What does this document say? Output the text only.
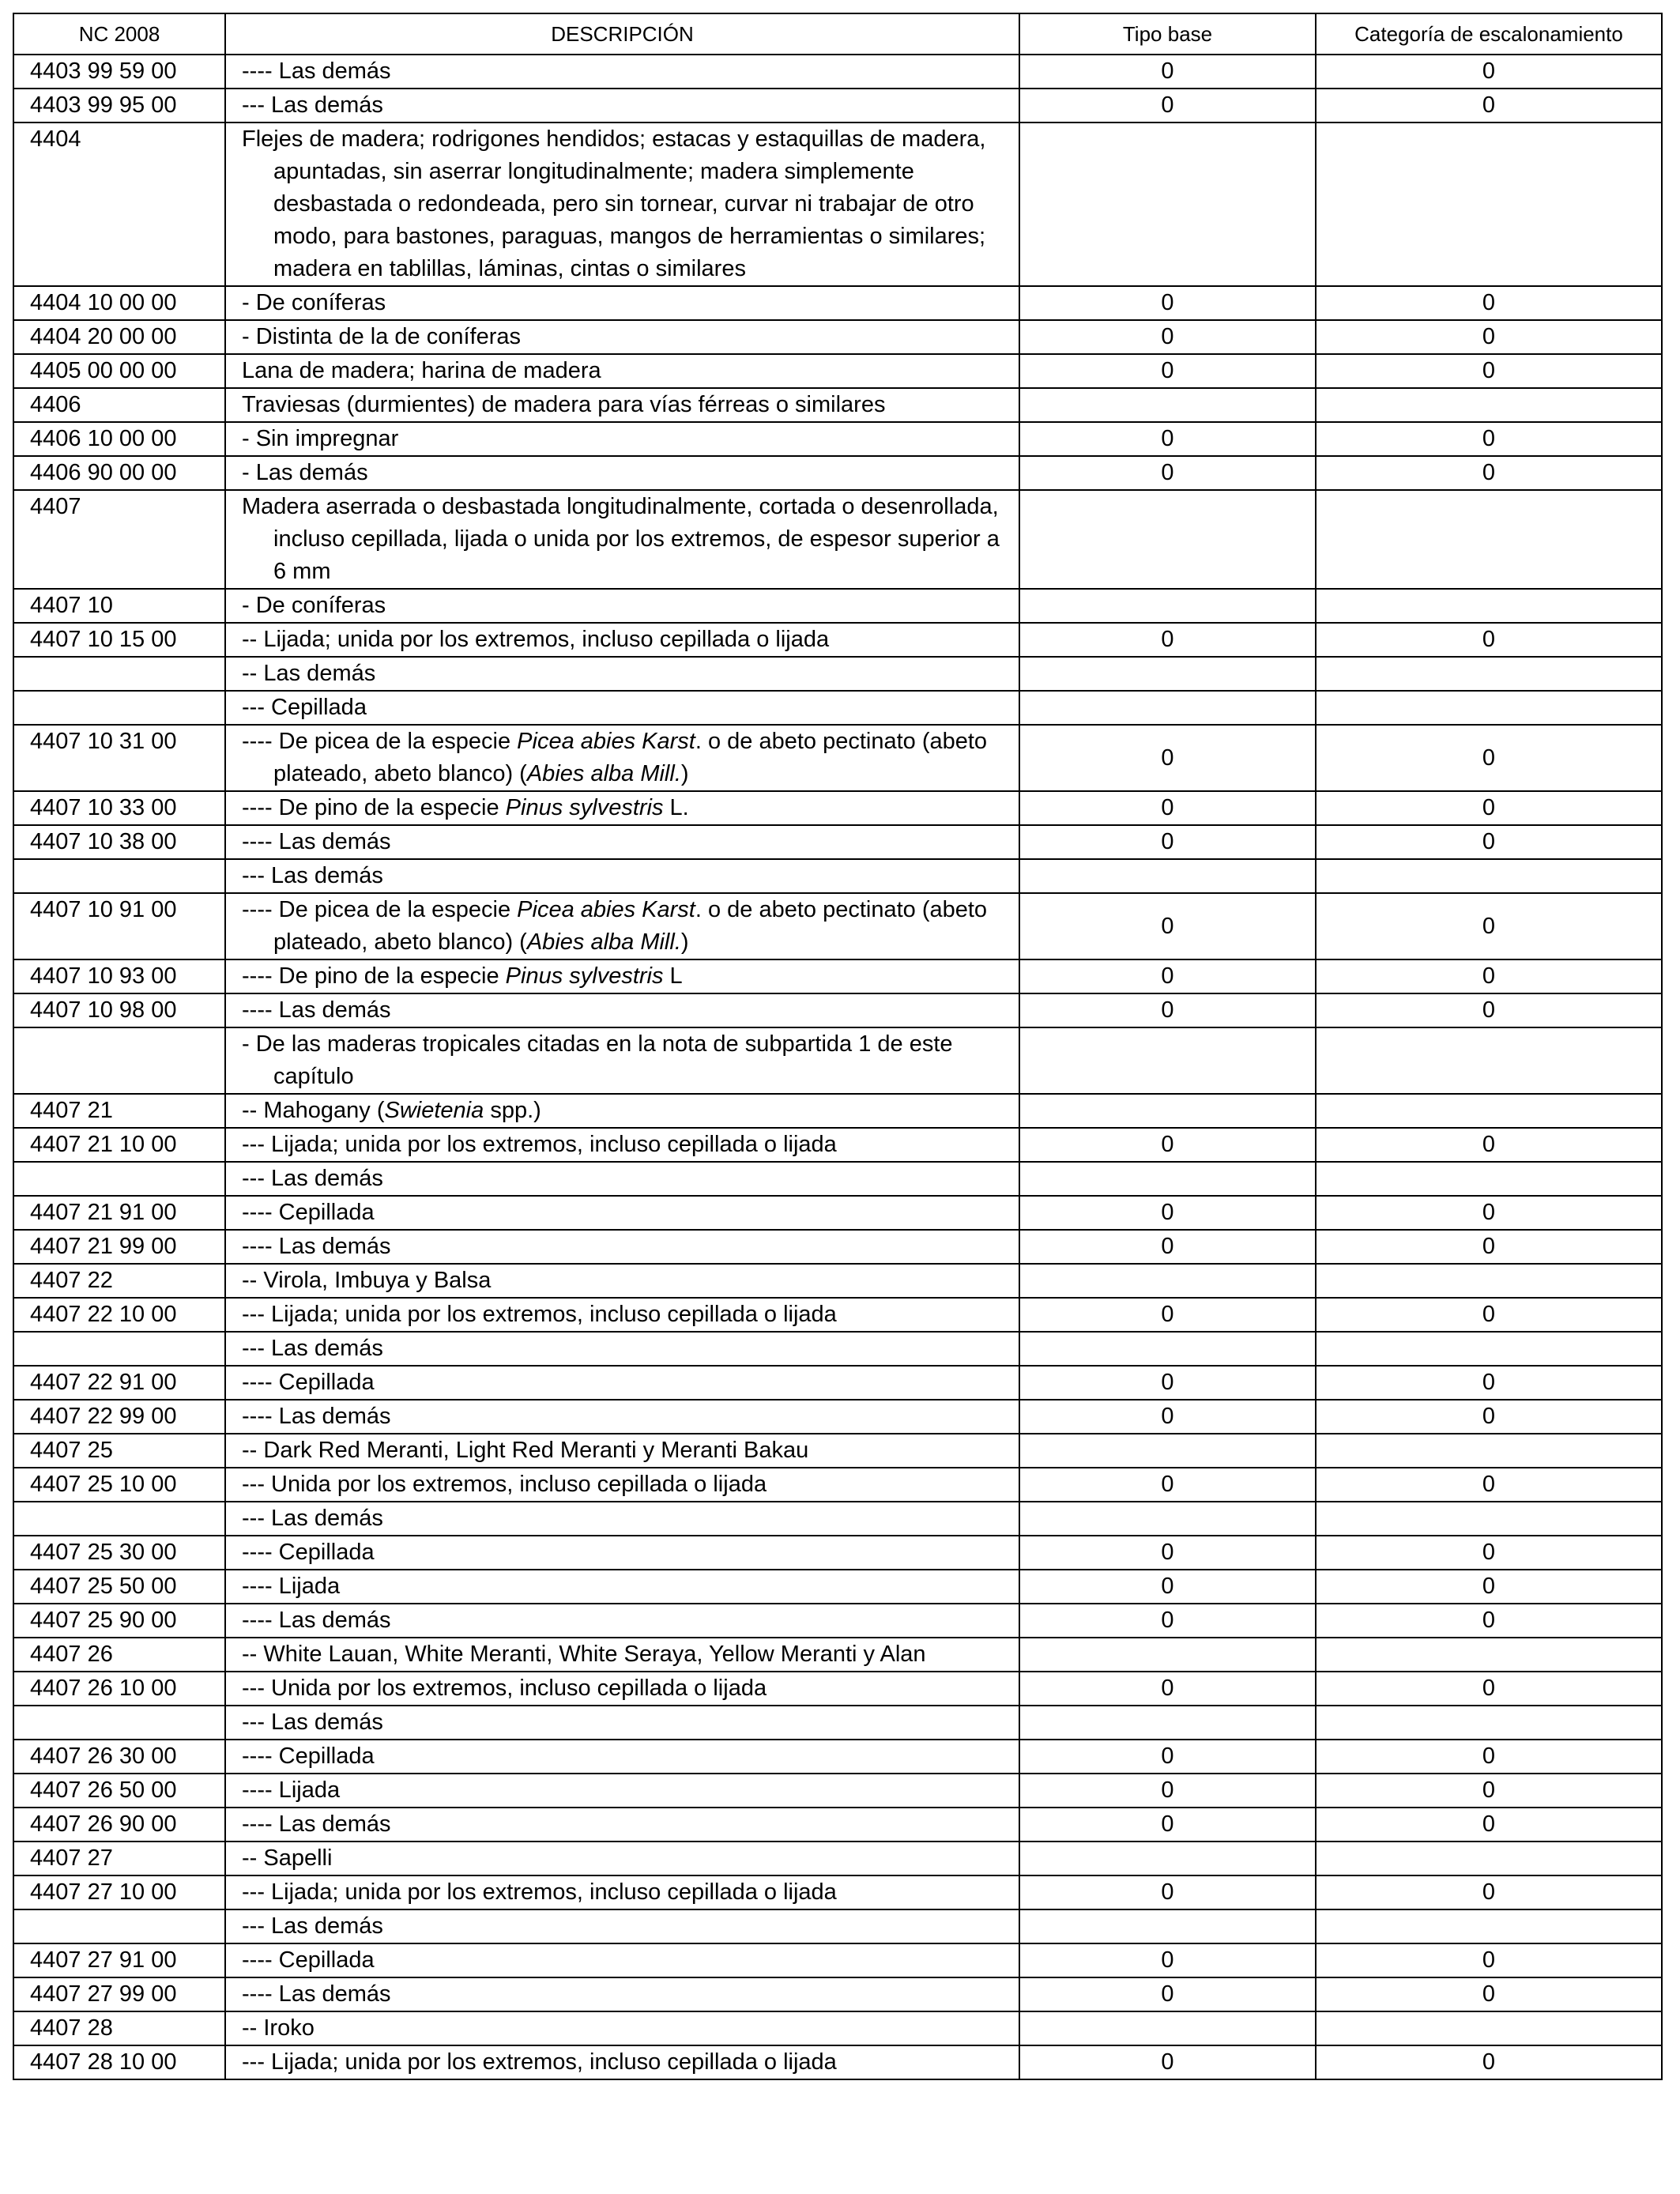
NC 2008	DESCRIPCIÓN	Tipo base	Categoría de escalonamiento
4403 99 59 00	---- Las demás	0	0
4403 99 95 00	--- Las demás	0	0
4404	Flejes de madera; rodrigones hendidos; estacas y estaquillas de madera, apuntadas, sin aserrar longitudinalmente; madera simplemente desbastada o redondeada, pero sin tornear, curvar ni trabajar de otro modo, para bastones, paraguas, mangos de herramientas o similares; madera en tablillas, láminas, cintas o similares		

4404 10 00 00	- De coníferas	0	0
4404 20 00 00	- Distinta de la de coníferas	0	0
4405 00 00 00	Lana de madera; harina de madera	0	0
4406	Traviesas (durmientes) de madera para vías férreas o similares		

4406 10 00 00	- Sin impregnar	0	0
4406 90 00 00	- Las demás	0	0
4407	Madera aserrada o desbastada longitudinalmente, cortada o desenrollada, incluso cepillada, lijada o unida por los extremos, de espesor superior a 6 mm		

4407 10	- De coníferas		

4407 10 15 00	-- Lijada; unida por los extremos, incluso cepillada o lijada	0	0

	-- Las demás		

	--- Cepillada		

4407 10 31 00	---- De picea de la especie Picea abies Karst. o de abeto pectinato (abeto plateado, abeto blanco) (Abies alba Mill.)	0	0
4407 10 33 00	---- De pino de la especie Pinus sylvestris L.	0	0
4407 10 38 00	---- Las demás	0	0

	--- Las demás		

4407 10 91 00	---- De picea de la especie Picea abies Karst. o de abeto pectinato (abeto plateado, abeto blanco) (Abies alba Mill.)	0	0
4407 10 93 00	---- De pino de la especie Pinus sylvestris L	0	0
4407 10 98 00	---- Las demás	0	0

	- De las maderas tropicales citadas en la nota de subpartida 1 de este capítulo		

4407 21	-- Mahogany (Swietenia spp.)		

4407 21 10 00	--- Lijada; unida por los extremos, incluso cepillada o lijada	0	0

	--- Las demás		

4407 21 91 00	---- Cepillada	0	0
4407 21 99 00	---- Las demás	0	0
4407 22	-- Virola, Imbuya y Balsa		

4407 22 10 00	--- Lijada; unida por los extremos, incluso cepillada o lijada	0	0

	--- Las demás		

4407 22 91 00	---- Cepillada	0	0
4407 22 99 00	---- Las demás	0	0
4407 25	-- Dark Red Meranti, Light Red Meranti y Meranti Bakau		

4407 25 10 00	--- Unida por los extremos, incluso cepillada o lijada	0	0

	--- Las demás		

4407 25 30 00	---- Cepillada	0	0
4407 25 50 00	---- Lijada	0	0
4407 25 90 00	---- Las demás	0	0
4407 26	-- White Lauan, White Meranti, White Seraya, Yellow Meranti y Alan		

4407 26 10 00	--- Unida por los extremos, incluso cepillada o lijada	0	0

	--- Las demás		

4407 26 30 00	---- Cepillada	0	0
4407 26 50 00	---- Lijada	0	0
4407 26 90 00	---- Las demás	0	0
4407 27	-- Sapelli		

4407 27 10 00	--- Lijada; unida por los extremos, incluso cepillada o lijada	0	0

	--- Las demás		

4407 27 91 00	---- Cepillada	0	0
4407 27 99 00	---- Las demás	0	0
4407 28	-- Iroko		

4407 28 10 00	--- Lijada; unida por los extremos, incluso cepillada o lijada	0	0
